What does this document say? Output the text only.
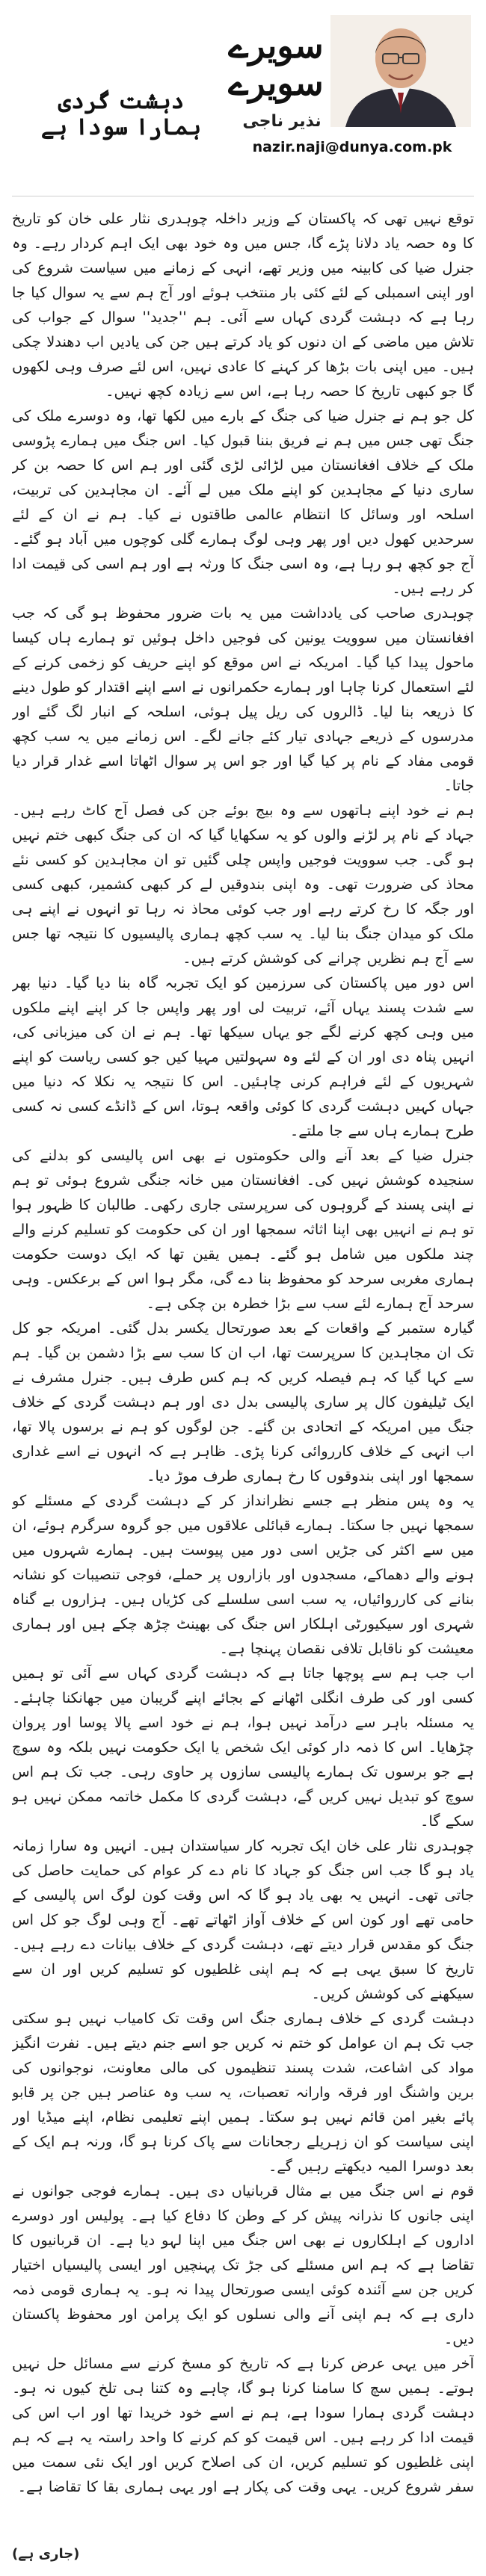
سویرے
سویرے
نذیر ناجی
nazir.naji@dunya.com.pk
دہشت گردی ہمارا سودا ہے

توقع نہیں تھی کہ پاکستان کے وزیر داخلہ چوہدری نثار علی خان کو تاریخ کا وہ حصہ یاد دلانا پڑے گا، جس میں وہ خود بھی ایک اہم کردار رہے۔ وہ جنرل ضیا کی کابینہ میں وزیر تھے، انہی کے زمانے میں سیاست شروع کی اور اپنی اسمبلی کے لئے کئی بار منتخب ہوئے اور آج ہم سے یہ سوال کیا جا رہا ہے کہ دہشت گردی کہاں سے آئی۔ ہم ''جدید'' سوال کے جواب کی تلاش میں ماضی کے ان دنوں کو یاد کرتے ہیں جن کی یادیں اب دھندلا چکی ہیں۔ میں اپنی بات بڑھا کر کہنے کا عادی نہیں، اس لئے صرف وہی لکھوں گا جو کبھی تاریخ کا حصہ رہا ہے، اس سے زیادہ کچھ نہیں۔

کل جو ہم نے جنرل ضیا کی جنگ کے بارے میں لکھا تھا، وہ دوسرے ملک کی جنگ تھی جس میں ہم نے فریق بننا قبول کیا۔ اس جنگ میں ہمارے پڑوسی ملک کے خلاف افغانستان میں لڑائی لڑی گئی اور ہم اس کا حصہ بن کر ساری دنیا کے مجاہدین کو اپنے ملک میں لے آئے۔ ان مجاہدین کی تربیت، اسلحہ اور وسائل کا انتظام عالمی طاقتوں نے کیا۔ ہم نے ان کے لئے سرحدیں کھول دیں اور پھر وہی لوگ ہمارے گلی کوچوں میں آباد ہو گئے۔ آج جو کچھ ہو رہا ہے، وہ اسی جنگ کا ورثہ ہے اور ہم اسی کی قیمت ادا کر رہے ہیں۔

چوہدری صاحب کی یادداشت میں یہ بات ضرور محفوظ ہو گی کہ جب افغانستان میں سوویت یونین کی فوجیں داخل ہوئیں تو ہمارے ہاں کیسا ماحول پیدا کیا گیا۔ امریکہ نے اس موقع کو اپنے حریف کو زخمی کرنے کے لئے استعمال کرنا چاہا اور ہمارے حکمرانوں نے اسے اپنے اقتدار کو طول دینے کا ذریعہ بنا لیا۔ ڈالروں کی ریل پیل ہوئی، اسلحہ کے انبار لگ گئے اور مدرسوں کے ذریعے جہادی تیار کئے جانے لگے۔ اس زمانے میں یہ سب کچھ قومی مفاد کے نام پر کیا گیا اور جو اس پر سوال اٹھاتا اسے غدار قرار دیا جاتا۔

ہم نے خود اپنے ہاتھوں سے وہ بیج بوئے جن کی فصل آج کاٹ رہے ہیں۔ جہاد کے نام پر لڑنے والوں کو یہ سکھایا گیا کہ ان کی جنگ کبھی ختم نہیں ہو گی۔ جب سوویت فوجیں واپس چلی گئیں تو ان مجاہدین کو کسی نئے محاذ کی ضرورت تھی۔ وہ اپنی بندوقیں لے کر کبھی کشمیر، کبھی کسی اور جگہ کا رخ کرتے رہے اور جب کوئی محاذ نہ رہا تو انہوں نے اپنے ہی ملک کو میدان جنگ بنا لیا۔ یہ سب کچھ ہماری پالیسیوں کا نتیجہ تھا جس سے آج ہم نظریں چرانے کی کوشش کرتے ہیں۔

اس دور میں پاکستان کی سرزمین کو ایک تجربہ گاہ بنا دیا گیا۔ دنیا بھر سے شدت پسند یہاں آئے، تربیت لی اور پھر واپس جا کر اپنے اپنے ملکوں میں وہی کچھ کرنے لگے جو یہاں سیکھا تھا۔ ہم نے ان کی میزبانی کی، انہیں پناہ دی اور ان کے لئے وہ سہولتیں مہیا کیں جو کسی ریاست کو اپنے شہریوں کے لئے فراہم کرنی چاہئیں۔ اس کا نتیجہ یہ نکلا کہ دنیا میں جہاں کہیں دہشت گردی کا کوئی واقعہ ہوتا، اس کے ڈانڈے کسی نہ کسی طرح ہمارے ہاں سے جا ملتے۔

جنرل ضیا کے بعد آنے والی حکومتوں نے بھی اس پالیسی کو بدلنے کی سنجیدہ کوشش نہیں کی۔ افغانستان میں خانہ جنگی شروع ہوئی تو ہم نے اپنی پسند کے گروہوں کی سرپرستی جاری رکھی۔ طالبان کا ظہور ہوا تو ہم نے انہیں بھی اپنا اثاثہ سمجھا اور ان کی حکومت کو تسلیم کرنے والے چند ملکوں میں شامل ہو گئے۔ ہمیں یقین تھا کہ ایک دوست حکومت ہماری مغربی سرحد کو محفوظ بنا دے گی، مگر ہوا اس کے برعکس۔ وہی سرحد آج ہمارے لئے سب سے بڑا خطرہ بن چکی ہے۔

گیارہ ستمبر کے واقعات کے بعد صورتحال یکسر بدل گئی۔ امریکہ جو کل تک ان مجاہدین کا سرپرست تھا، اب ان کا سب سے بڑا دشمن بن گیا۔ ہم سے کہا گیا کہ ہم فیصلہ کریں کہ ہم کس طرف ہیں۔ جنرل مشرف نے ایک ٹیلیفون کال پر ساری پالیسی بدل دی اور ہم دہشت گردی کے خلاف جنگ میں امریکہ کے اتحادی بن گئے۔ جن لوگوں کو ہم نے برسوں پالا تھا، اب انہی کے خلاف کارروائی کرنا پڑی۔ ظاہر ہے کہ انہوں نے اسے غداری سمجھا اور اپنی بندوقوں کا رخ ہماری طرف موڑ دیا۔

یہ وہ پس منظر ہے جسے نظرانداز کر کے دہشت گردی کے مسئلے کو سمجھا نہیں جا سکتا۔ ہمارے قبائلی علاقوں میں جو گروہ سرگرم ہوئے، ان میں سے اکثر کی جڑیں اسی دور میں پیوست ہیں۔ ہمارے شہروں میں ہونے والے دھماکے، مسجدوں اور بازاروں پر حملے، فوجی تنصیبات کو نشانہ بنانے کی کارروائیاں، یہ سب اسی سلسلے کی کڑیاں ہیں۔ ہزاروں بے گناہ شہری اور سیکیورٹی اہلکار اس جنگ کی بھینٹ چڑھ چکے ہیں اور ہماری معیشت کو ناقابل تلافی نقصان پہنچا ہے۔

اب جب ہم سے پوچھا جاتا ہے کہ دہشت گردی کہاں سے آئی تو ہمیں کسی اور کی طرف انگلی اٹھانے کے بجائے اپنے گریبان میں جھانکنا چاہئے۔ یہ مسئلہ باہر سے درآمد نہیں ہوا، ہم نے خود اسے پالا پوسا اور پروان چڑھایا۔ اس کا ذمہ دار کوئی ایک شخص یا ایک حکومت نہیں بلکہ وہ سوچ ہے جو برسوں تک ہمارے پالیسی سازوں پر حاوی رہی۔ جب تک ہم اس سوچ کو تبدیل نہیں کریں گے، دہشت گردی کا مکمل خاتمہ ممکن نہیں ہو سکے گا۔

چوہدری نثار علی خان ایک تجربہ کار سیاستدان ہیں۔ انہیں وہ سارا زمانہ یاد ہو گا جب اس جنگ کو جہاد کا نام دے کر عوام کی حمایت حاصل کی جاتی تھی۔ انہیں یہ بھی یاد ہو گا کہ اس وقت کون لوگ اس پالیسی کے حامی تھے اور کون اس کے خلاف آواز اٹھاتے تھے۔ آج وہی لوگ جو کل اس جنگ کو مقدس قرار دیتے تھے، دہشت گردی کے خلاف بیانات دے رہے ہیں۔ تاریخ کا سبق یہی ہے کہ ہم اپنی غلطیوں کو تسلیم کریں اور ان سے سیکھنے کی کوشش کریں۔

دہشت گردی کے خلاف ہماری جنگ اس وقت تک کامیاب نہیں ہو سکتی جب تک ہم ان عوامل کو ختم نہ کریں جو اسے جنم دیتے ہیں۔ نفرت انگیز مواد کی اشاعت، شدت پسند تنظیموں کی مالی معاونت، نوجوانوں کی برین واشنگ اور فرقہ وارانہ تعصبات، یہ سب وہ عناصر ہیں جن پر قابو پائے بغیر امن قائم نہیں ہو سکتا۔ ہمیں اپنے تعلیمی نظام، اپنے میڈیا اور اپنی سیاست کو ان زہریلے رجحانات سے پاک کرنا ہو گا، ورنہ ہم ایک کے بعد دوسرا المیہ دیکھتے رہیں گے۔

قوم نے اس جنگ میں بے مثال قربانیاں دی ہیں۔ ہمارے فوجی جوانوں نے اپنی جانوں کا نذرانہ پیش کر کے وطن کا دفاع کیا ہے۔ پولیس اور دوسرے اداروں کے اہلکاروں نے بھی اس جنگ میں اپنا لہو دیا ہے۔ ان قربانیوں کا تقاضا ہے کہ ہم اس مسئلے کی جڑ تک پہنچیں اور ایسی پالیسیاں اختیار کریں جن سے آئندہ کوئی ایسی صورتحال پیدا نہ ہو۔ یہ ہماری قومی ذمہ داری ہے کہ ہم اپنی آنے والی نسلوں کو ایک پرامن اور محفوظ پاکستان دیں۔

آخر میں یہی عرض کرنا ہے کہ تاریخ کو مسخ کرنے سے مسائل حل نہیں ہوتے۔ ہمیں سچ کا سامنا کرنا ہو گا، چاہے وہ کتنا ہی تلخ کیوں نہ ہو۔ دہشت گردی ہمارا سودا ہے، ہم نے اسے خود خریدا تھا اور اب اس کی قیمت ادا کر رہے ہیں۔ اس قیمت کو کم کرنے کا واحد راستہ یہ ہے کہ ہم اپنی غلطیوں کو تسلیم کریں، ان کی اصلاح کریں اور ایک نئی سمت میں سفر شروع کریں۔ یہی وقت کی پکار ہے اور یہی ہماری بقا کا تقاضا ہے۔

(جاری ہے)
